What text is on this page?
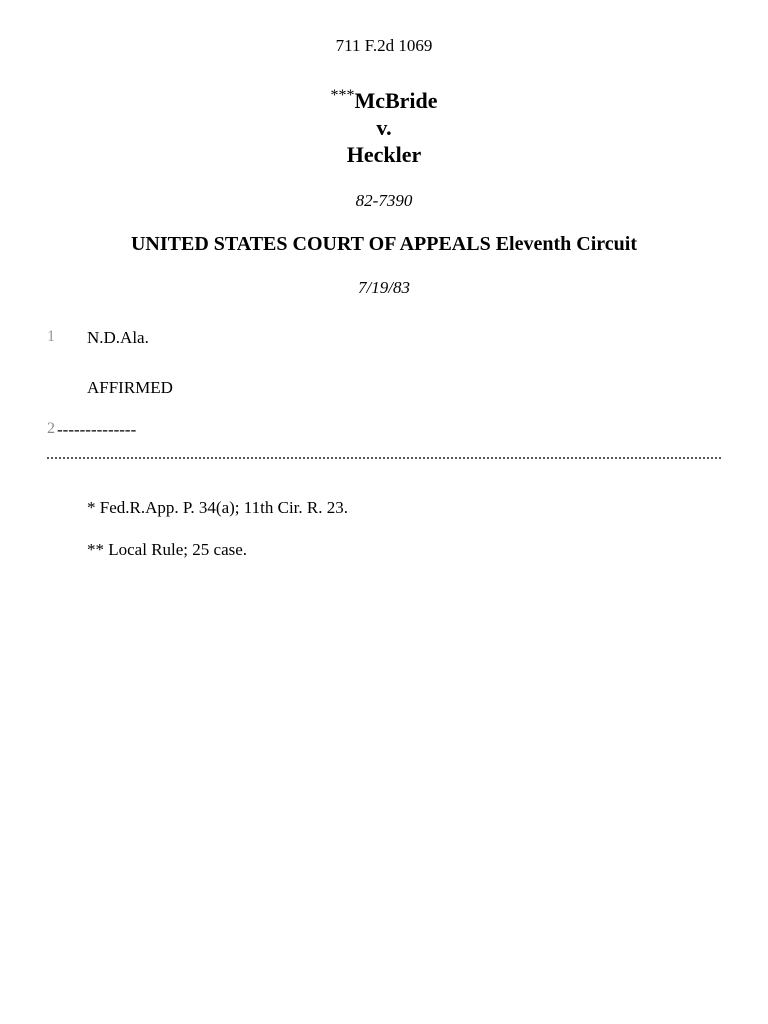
711 F.2d 1069
***McBride
v.
Heckler
82-7390
UNITED STATES COURT OF APPEALS Eleventh Circuit
7/19/83
1 N.D.Ala.
AFFIRMED
2 --------------
* Fed.R.App. P. 34(a); 11th Cir. R. 23.
** Local Rule; 25 case.
